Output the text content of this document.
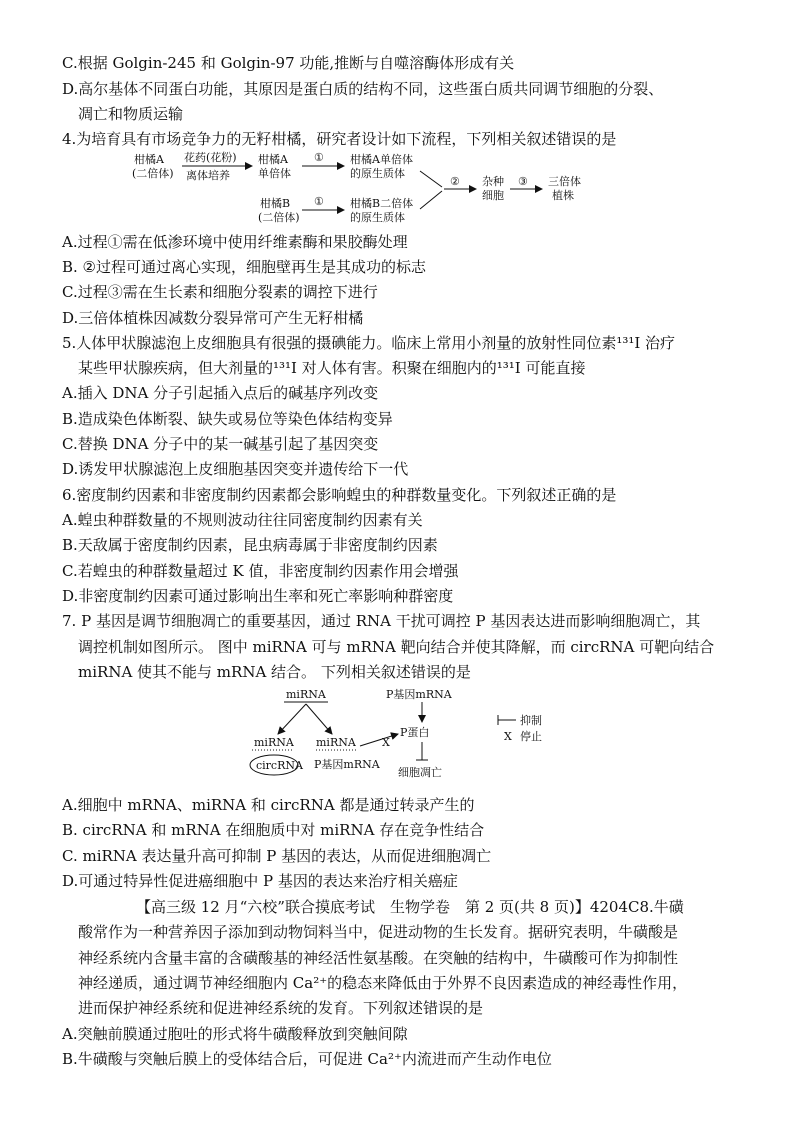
C.根据 Golgin-245 和 Golgin-97 功能,推断与自噬溶酶体形成有关
D.高尔基体不同蛋白功能，其原因是蛋白质的结构不同，这些蛋白质共同调节细胞的分裂、
凋亡和物质运输
4.为培育具有市场竞争力的无籽柑橘，研究者设计如下流程，下列相关叙述错误的是
柑橘A
(二倍体)
花药(花粉)
离体培养
柑橘A
单倍体
① 柑橘A单倍体
的原生质体
柑橘B
(二倍体)
① 柑橘B二倍体
的原生质体
② 杂种
细胞
③ 三倍体
植株
A.过程①需在低渗环境中使用纤维素酶和果胶酶处理
B. ②过程可通过离心实现，细胞壁再生是其成功的标志
C.过程③需在生长素和细胞分裂素的调控下进行
D.三倍体植株因减数分裂异常可产生无籽柑橘
5.人体甲状腺滤泡上皮细胞具有很强的摄碘能力。临床上常用小剂量的放射性同位素¹³¹I 治疗
某些甲状腺疾病，但大剂量的¹³¹I 对人体有害。积聚在细胞内的¹³¹I 可能直接
A.插入 DNA 分子引起插入点后的碱基序列改变
B.造成染色体断裂、缺失或易位等染色体结构变异
C.替换 DNA 分子中的某一碱基引起了基因突变
D.诱发甲状腺滤泡上皮细胞基因突变并遗传给下一代
6.密度制约因素和非密度制约因素都会影响蝗虫的种群数量变化。下列叙述正确的是
A.蝗虫种群数量的不规则波动往往同密度制约因素有关
B.天敌属于密度制约因素，昆虫病毒属于非密度制约因素
C.若蝗虫的种群数量超过 K 值，非密度制约因素作用会增强
D.非密度制约因素可通过影响出生率和死亡率影响种群密度
7. P 基因是调节细胞凋亡的重要基因，通过 RNA 干扰可调控 P 基因表达进而影响细胞凋亡，其
调控机制如图所示。 图中 miRNA 可与 mRNA 靶向结合并使其降解，而 circRNA 可靶向结合
miRNA 使其不能与 mRNA 结合。 下列相关叙述错误的是
miRNA
miRNA
circRNA
miRNA
P基因mRNA
X
P基因mRNA
P蛋白
细胞凋亡
抑制
X 停止
A.细胞中 mRNA、miRNA 和 circRNA 都是通过转录产生的
B. circRNA 和 mRNA 在细胞质中对 miRNA 存在竞争性结合
C. miRNA 表达量升高可抑制 P 基因的表达，从而促进细胞凋亡
D.可通过特异性促进癌细胞中 P 基因的表达来治疗相关癌症
【高三级 12 月“六校”联合摸底考试　生物学卷　第 2 页(共 8 页)】4204C8.牛磺
酸常作为一种营养因子添加到动物饲料当中，促进动物的生长发育。据研究表明，牛磺酸是
神经系统内含量丰富的含磺酸基的神经活性氨基酸。在突触的结构中，牛磺酸可作为抑制性
神经递质，通过调节神经细胞内 Ca²⁺的稳态来降低由于外界不良因素造成的神经毒性作用，
进而保护神经系统和促进神经系统的发育。下列叙述错误的是
A.突触前膜通过胞吐的形式将牛磺酸释放到突触间隙
B.牛磺酸与突触后膜上的受体结合后，可促进 Ca²⁺内流进而产生动作电位
